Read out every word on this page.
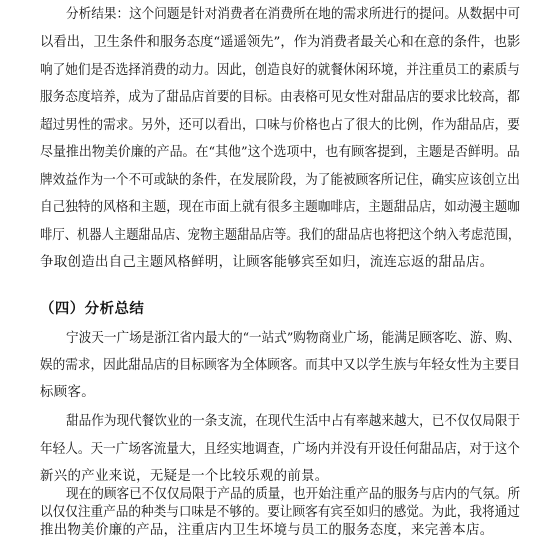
分析结果：这个问题是针对消费者在消费所在地的需求所进行的提问。从数据中可
以看出，卫生条件和服务态度“遥遥领先”，作为消费者最关心和在意的条件，也影
响了她们是否选择消费的动力。因此，创造良好的就餐休闲环境，并注重员工的素质与
服务态度培养，成为了甜品店首要的目标。由表格可见女性对甜品店的要求比较高，都
超过男性的需求。另外，还可以看出，口味与价格也占了很大的比例，作为甜品店，要
尽量推出物美价廉的产品。在“其他”这个选项中，也有顾客提到，主题是否鲜明。品
牌效益作为一个不可或缺的条件，在发展阶段，为了能被顾客所记住，确实应该创立出
自己独特的风格和主题，现在市面上就有很多主题咖啡店，主题甜品店，如动漫主题咖
啡厅、机器人主题甜品店、宠物主题甜品店等。我们的甜品店也将把这个纳入考虑范围，
争取创造出自己主题风格鲜明，让顾客能够宾至如归，流连忘返的甜品店。
（四）分析总结
宁波天一广场是浙江省内最大的“一站式”购物商业广场，能满足顾客吃、游、购、
娱的需求，因此甜品店的目标顾客为全体顾客。而其中又以学生族与年轻女性为主要目
标顾客。
甜品作为现代餐饮业的一条支流，在现代生活中占有率越来越大，已不仅仅局限于
年轻人。天一广场客流量大，且经实地调查，广场内并没有开设任何甜品店，对于这个
新兴的产业来说，无疑是一个比较乐观的前景。
现在的顾客已不仅仅局限于产品的质量，也开始注重产品的服务与店内的气氛。所
以仅仅注重产品的种类与口味是不够的。要让顾客有宾至如归的感觉。为此，我将通过
推出物美价廉的产品，注重店内卫生坏境与员工的服务态度，来完善本店。
